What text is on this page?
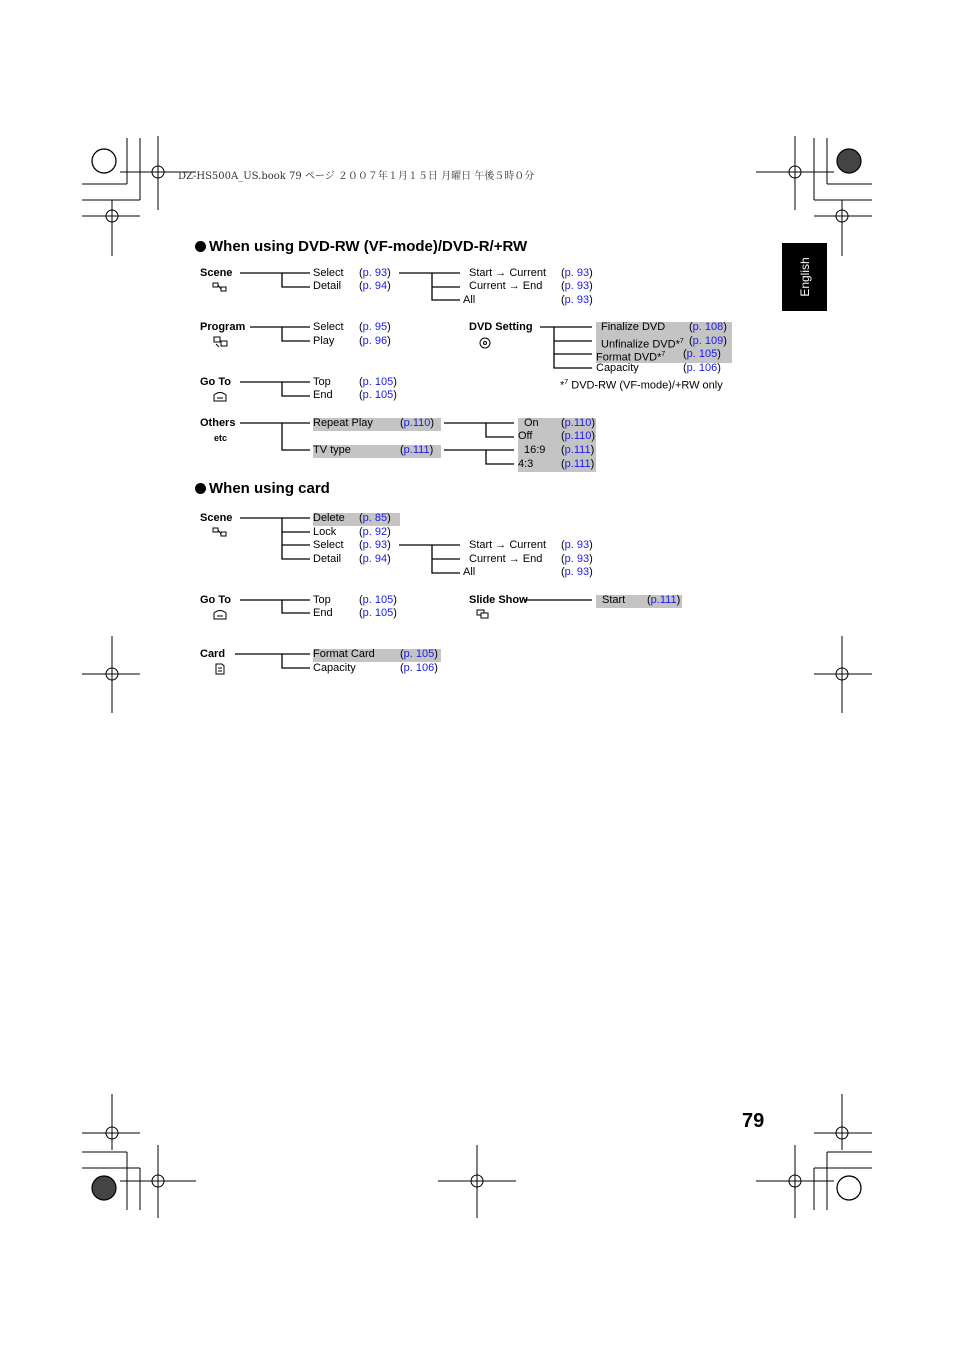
DZ-HS500A_US.book 79 ページ ２００７年１月１５日 月曜日 午後５時０分
English
When using DVD-RW (VF-mode)/DVD-R/+RW
Scene	Select (p. 93)
Detail (p. 94)
Start → Current (p. 93)
Current → End (p. 93)
All	(p. 93)
Program	Select (p. 95)
Play (p. 96)
DVD Setting	Finalize DVD (p. 108)
Unfinalize DVD*$^7$ (p. 109)
Format DVD*$^7$ (p. 105)
Capacity	(p. 106)
*$^7$ DVD-RW (VF-mode)/+RW only
Go To	Top	(p. 105)
End (p. 105)
Others
etc
Repeat Play (p.110)
TV type	(p.111)
On (p.110)
Off	(p.110)
16:9 (p.111)
4:3	(p.111)
When using card
Scene	Delete (p. 85)
Lock (p. 92)
Select (p. 93)
Detail (p. 94)
Start → Current (p. 93)
Current → End (p. 93)
All	(p. 93)
Go To	Top	(p. 105)
End (p. 105)
Slide Show	Start (p.111)
Card	Format Card (p. 105)
Capacity	(p. 106)
79
